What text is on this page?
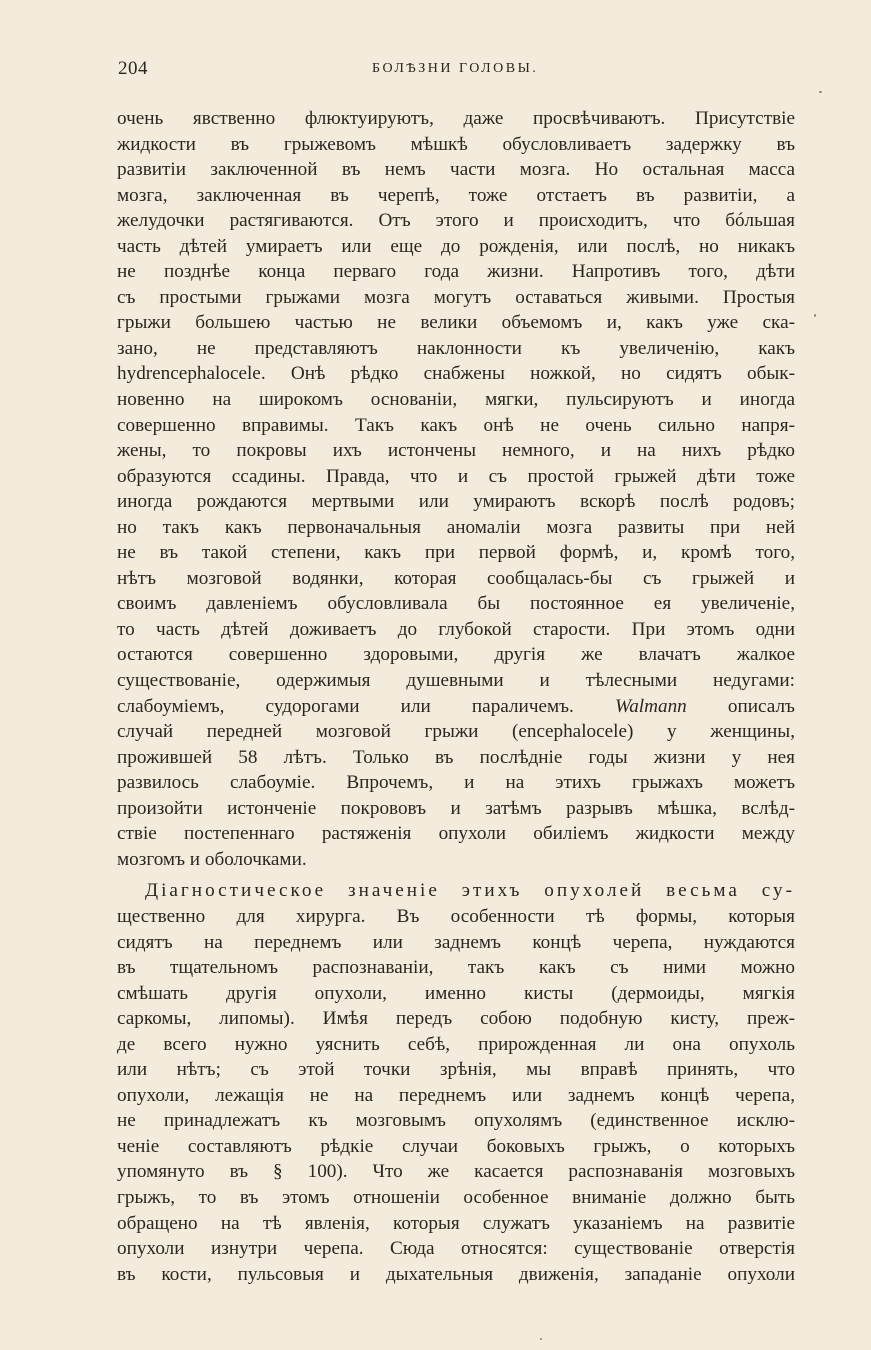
204	БОЛѢЗНИ ГОЛОВЫ.
очень явственно флюктуируютъ, даже просвѣчиваютъ. Присутствіе
жидкости въ грыжевомъ мѣшкѣ обусловливаетъ задержку въ
развитіи заключенной въ немъ части мозга. Но остальная масса
мозга, заключенная въ черепѣ, тоже отстаетъ въ развитіи, а
желудочки растягиваются. Отъ этого и происходитъ, что бóльшая
часть дѣтей умираетъ или еще до рожденія, или послѣ, но никакъ
не позднѣе конца перваго года жизни. Напротивъ того, дѣти
съ простыми грыжами мозга могутъ оставаться живыми. Простыя
грыжи большею частью не велики объемомъ и, какъ уже ска-
зано, не представляютъ наклонности къ увеличенію, какъ
hydrencephalocele. Онѣ рѣдко снабжены ножкой, но сидятъ обык-
новенно на широкомъ основаніи, мягки, пульсируютъ и иногда
совершенно вправимы. Такъ какъ онѣ не очень сильно напря-
жены, то покровы ихъ истончены немного, и на нихъ рѣдко
образуются ссадины. Правда, что и съ простой грыжей дѣти тоже
иногда рождаются мертвыми или умираютъ вскорѣ послѣ родовъ;
но такъ какъ первоначальныя аномаліи мозга развиты при ней
не въ такой степени, какъ при первой формѣ, и, кромѣ того,
нѣтъ мозговой водянки, которая сообщалась-бы съ грыжей и
своимъ давленіемъ обусловливала бы постоянное ея увеличеніе,
то часть дѣтей доживаетъ до глубокой старости. При этомъ одни
остаются совершенно здоровыми, другія же влачатъ жалкое
существованіе, одержимыя душевными и тѣлесными недугами:
слабоуміемъ, судорогами или параличемъ. Walmann описалъ
случай передней мозговой грыжи (encephalocele) у женщины,
прожившей 58 лѣтъ. Только въ послѣдніе годы жизни у нея
развилось слабоуміе. Впрочемъ, и на этихъ грыжахъ можетъ
произойти истонченіе покрововъ и затѣмъ разрывъ мѣшка, вслѣд-
ствіе постепеннаго растяженія опухоли обиліемъ жидкости между
мозгомъ и оболочками.
Діагностическое значеніе этихъ опухолей весьма су-
щественно для хирурга. Въ особенности тѣ формы, которыя
сидятъ на переднемъ или заднемъ концѣ черепа, нуждаются
въ тщательномъ распознаваніи, такъ какъ съ ними можно
смѣшать другія опухоли, именно кисты (дермоиды, мягкія
саркомы, липомы). Имѣя передъ собою подобную кисту, преж-
де всего нужно уяснить себѣ, прирожденная ли она опухоль
или нѣтъ; съ этой точки зрѣнія, мы вправѣ принять, что
опухоли, лежащія не на переднемъ или заднемъ концѣ черепа,
не принадлежатъ къ мозговымъ опухолямъ (единственное исклю-
ченіе составляютъ рѣдкіе случаи боковыхъ грыжъ, о которыхъ
упомянуто въ § 100). Что же касается распознаванія мозговыхъ
грыжъ, то въ этомъ отношеніи особенное вниманіе должно быть
обращено на тѣ явленія, которыя служатъ указаніемъ на развитіе
опухоли изнутри черепа. Сюда относятся: существованіе отверстія
въ кости, пульсовыя и дыхательныя движенія, западаніе опухоли
